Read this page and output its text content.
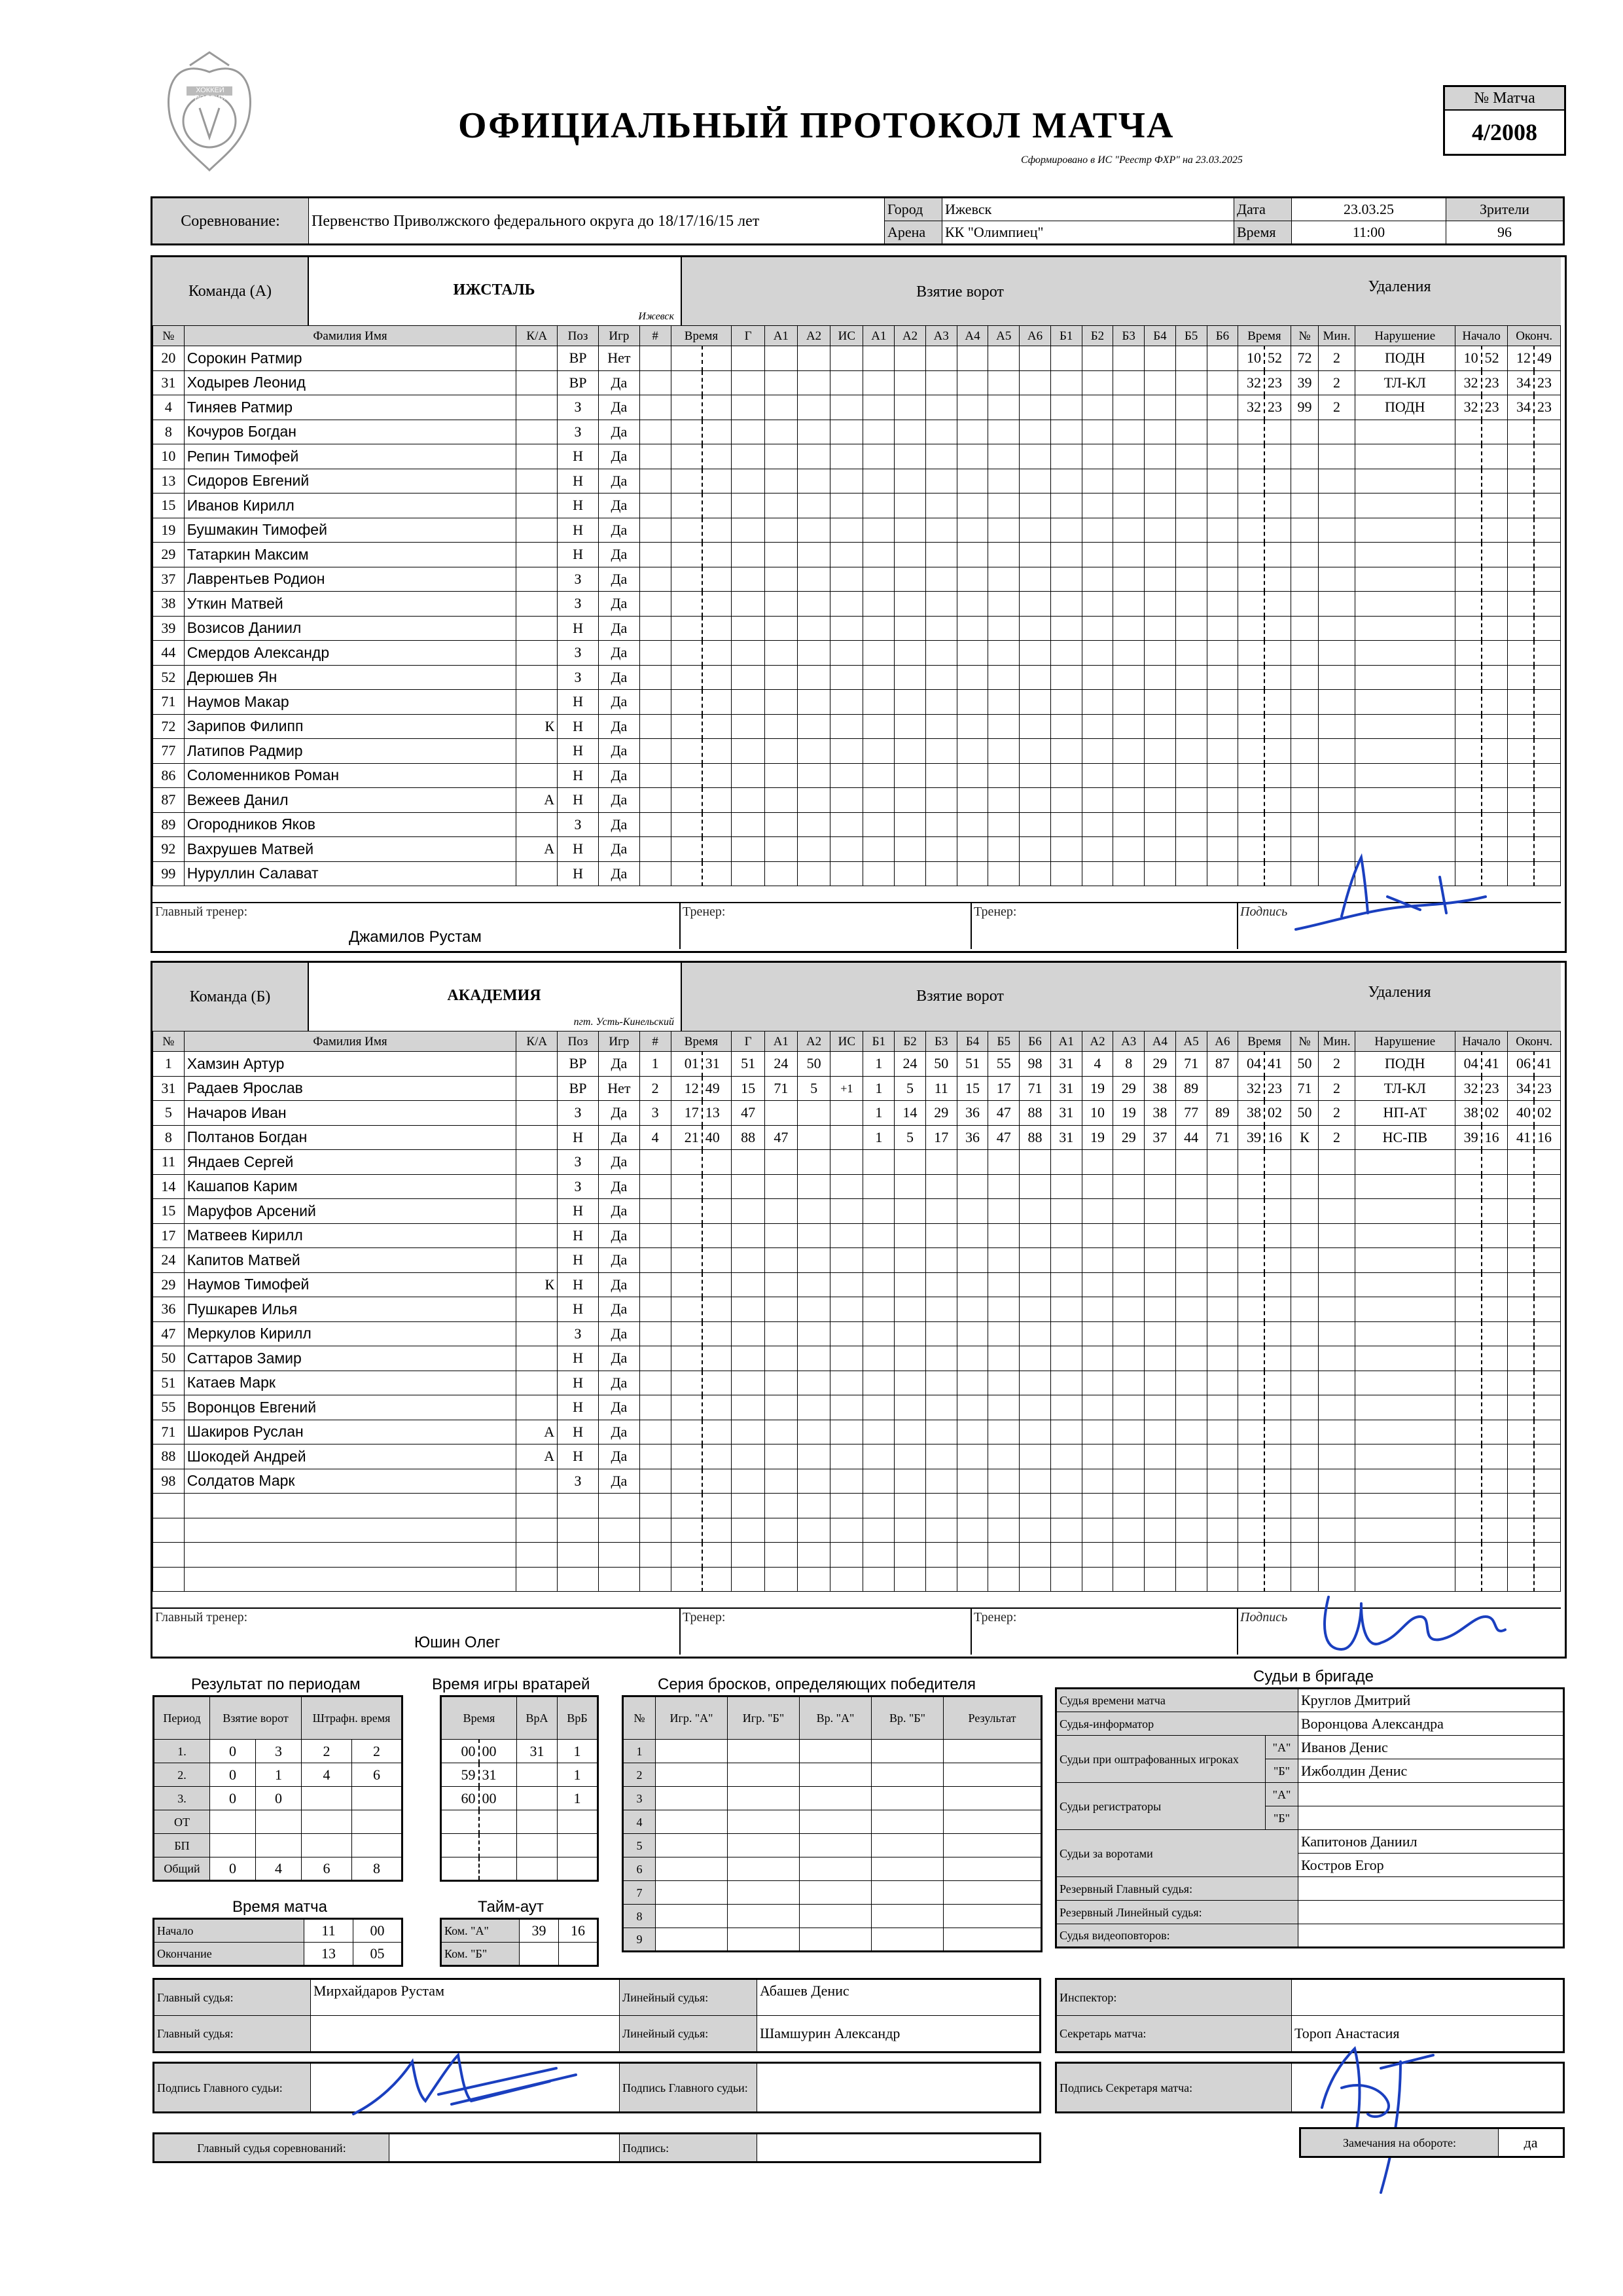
ХОККЕЙ РОССИИ
ОФИЦИАЛЬНЫЙ ПРОТОКОЛ МАТЧА
Сформировано в ИС "Реестр ФХР" на 23.03.2025
№ Матча
4/2008
Соревнование:	Первенство Приволжского федерального округа до 18/17/16/15 лет	Город	Ижевск	Дата	23.03.25	Зрители
		Арена	КК "Олимпиец"	Время	11:00	96
Команда (А)	ИЖСТАЛЬ
Ижевск
Взятие ворот	Удаления
№	Фамилия Имя	К/А	Поз	Игр	#	Время		Г	А1	А2	ИС	А1	А2	А3	А4	А5	А6	Б1	Б2	Б3	Б4	Б5	Б6	Время		№	Мин.	Нарушение	Начало		Оконч.	
20	Сорокин Ратмир		ВР	Нет																				10	52	72	2	ПОДН	10	52	12	49
31	Ходырев Леонид		ВР	Да																				32	23	39	2	ТЛ-КЛ	32	23	34	23
4	Тиняев Ратмир		З	Да																				32	23	99	2	ПОДН	32	23	34	23
8	Кочуров Богдан		З	Да																												
10	Репин Тимофей		Н	Да																												
13	Сидоров Евгений		Н	Да																												
15	Иванов Кирилл		Н	Да																												
19	Бушмакин Тимофей		Н	Да																												
29	Татаркин Максим		Н	Да																												
37	Лаврентьев Родион		З	Да																												
38	Уткин Матвей		З	Да																												
39	Возисов Даниил		Н	Да																												
44	Смердов Александр		З	Да																												
52	Дерюшев Ян		З	Да																												
71	Наумов Макар		Н	Да																												
72	Зарипов Филипп	К	Н	Да																												
77	Латипов Радмир		Н	Да																												
86	Соломенников Роман		Н	Да																												
87	Вежеев Данил	А	Н	Да																												
89	Огородников Яков		З	Да																												
92	Вахрушев Матвей	А	Н	Да																												
99	Нуруллин Салават		Н	Да																												
Главный тренер:
Джамилов Рустам
Тренер:	Тренер:	Подпись
Команда (Б)	АКАДЕМИЯ
пгт. Усть-Кинельский
Взятие ворот	Удаления
№	Фамилия Имя	К/А	Поз	Игр	#	Время		Г	А1	А2	ИС	Б1	Б2	Б3	Б4	Б5	Б6	А1	А2	А3	А4	А5	А6	Время		№	Мин.	Нарушение	Начало		Оконч.	
1	Хамзин Артур		ВР	Да	1	01	31	51	24	50		1	24	50	51	55	98	31	4	8	29	71	87	04	41	50	2	ПОДН	04	41	06	41
31	Радаев Ярослав		ВР	Нет	2	12	49	15	71	5	+1	1	5	11	15	17	71	31	19	29	38	89		32	23	71	2	ТЛ-КЛ	32	23	34	23
5	Начаров Иван		З	Да	3	17	13	47				1	14	29	36	47	88	31	10	19	38	77	89	38	02	50	2	НП-АТ	38	02	40	02
8	Полтанов Богдан		Н	Да	4	21	40	88	47			1	5	17	36	47	88	31	19	29	37	44	71	39	16	К	2	НС-ПВ	39	16	41	16
11	Яндаев Сергей		З	Да																												
14	Кашапов Карим		З	Да																												
15	Маруфов Арсений		Н	Да																												
17	Матвеев Кирилл		Н	Да																												
24	Капитов Матвей		Н	Да																												
29	Наумов Тимофей	К	Н	Да																												
36	Пушкарев Илья		Н	Да																												
47	Меркулов Кирилл		З	Да																												
50	Саттаров Замир		Н	Да																												
51	Катаев Марк		Н	Да																												
55	Воронцов Евгений		Н	Да																												
71	Шакиров Руслан	А	Н	Да																												
88	Шокодей Андрей	А	Н	Да																												
98	Солдатов Марк		З	Да																												

Главный тренер:
Юшин Олег
Тренер:	Тренер:	Подпись
Результат по периодам
Период	Взятие ворот		Штрафн. время	
1.	0	3	2	2
2.	0	1	4	6
3.	0	0		
ОТ				
БП				
Общий	0	4	6	8
Время игры вратарей
Время		ВрА	ВрБ
00	00	31	1
59	31		1
60	00		1

Серия бросков, определяющих победителя
№	Игр. "А"	Игр. "Б"	Вр. "А"	Вр. "Б"	Результат
1					
2					
3					
4					
5					
6					
7					
8					
9					
Время матча
Начало	11	00
Окончание	13	05
Тайм-аут
Ком. "А"	39	16
Ком. "Б"		
Судьи в бригаде
Судья времени матча		Круглов Дмитрий
Судья-информатор		Воронцова Александра
Судьи при оштрафованных игроках	"А"	Иванов Денис
	"Б"	Ижболдин Денис
Судьи регистраторы	"А"	
	"Б"	
Судьи за воротами		Капитонов Даниил
		Костров Егор
Резервный Главный судья:		
Резервный Линейный судья:		
Судья видеоповторов:		
Главный судья:	Мирхайдаров Рустам	Линейный судья:	Абашев Денис
Главный судья:		Линейный судья:	Шамшурин Александр
Инспектор:	
Секретарь матча:	Тороп Анастасия
Подпись Главного судьи:		Подпись Главного судьи:		Подпись Секретаря матча:	
Главный судья соревнований:		Подпись:		Замечания на обороте:	да
